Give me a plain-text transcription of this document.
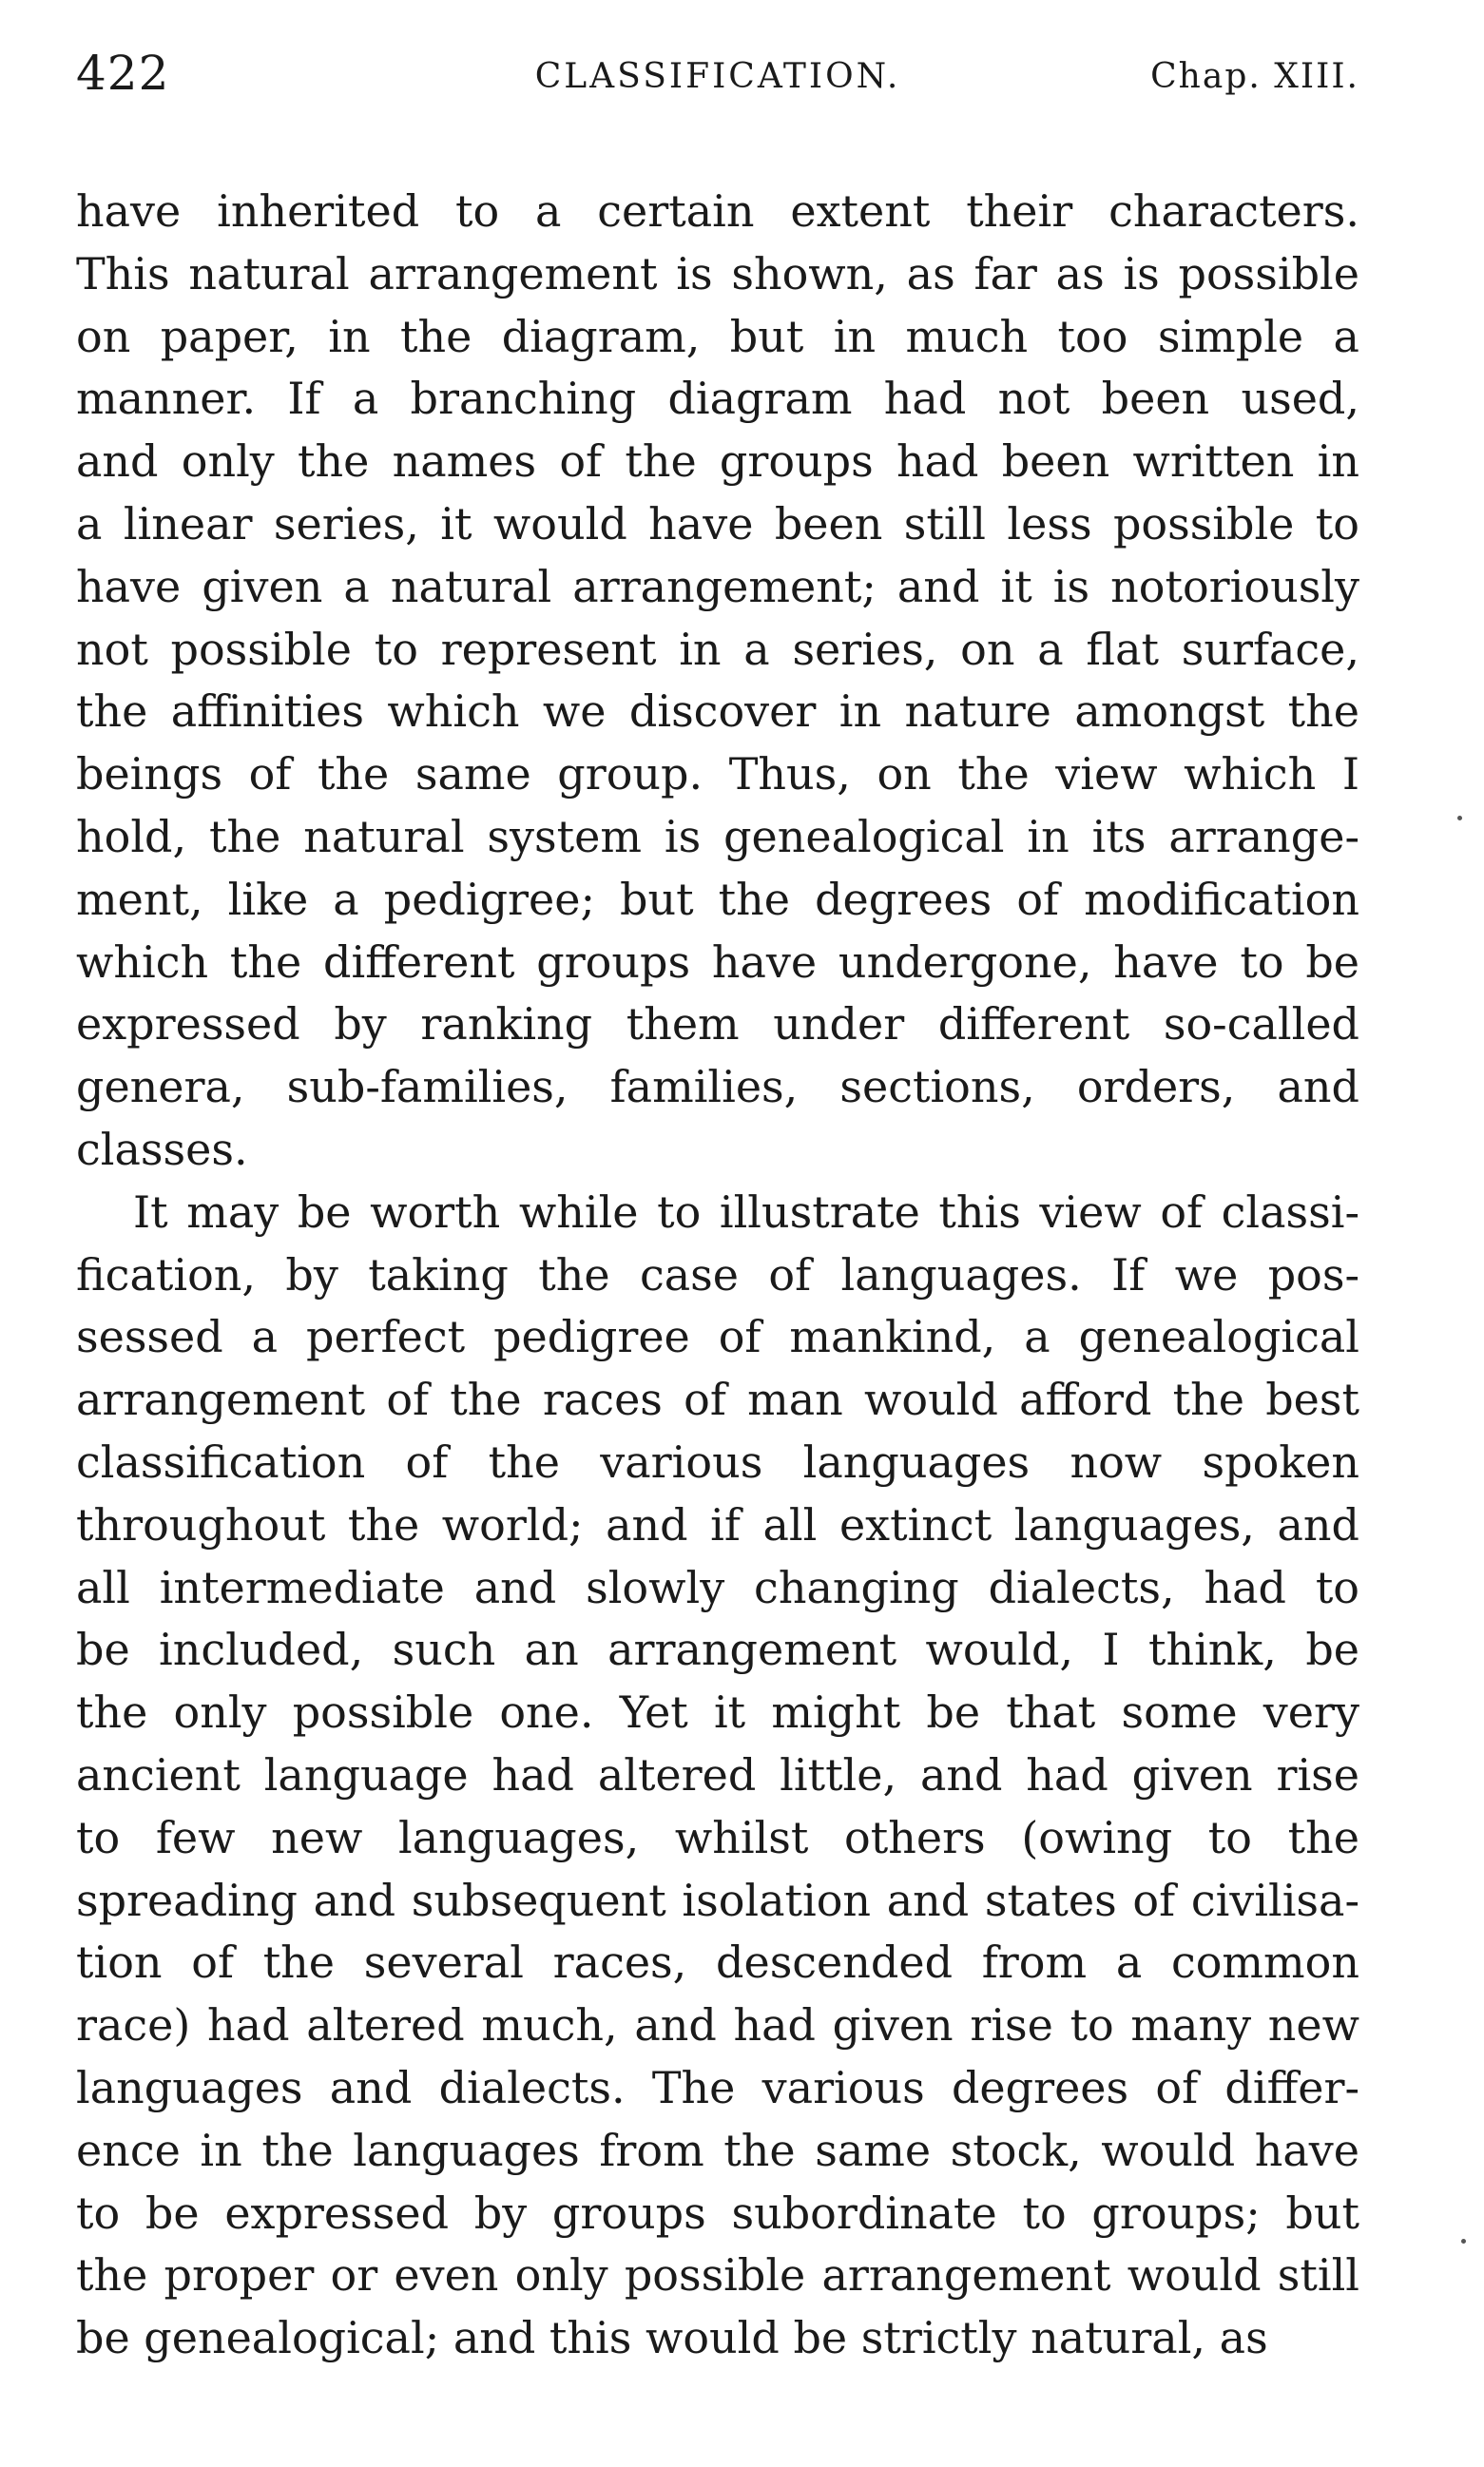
422	CLASSIFICATION.	Chap. XIII.
have inherited to a certain extent their characters.
This natural arrangement is shown, as far as is possible
on paper, in the diagram, but in much too simple a
manner. If a branching diagram had not been used,
and only the names of the groups had been written in
a linear series, it would have been still less possible to
have given a natural arrangement; and it is notoriously
not possible to represent in a series, on a flat surface,
the affinities which we discover in nature amongst the
beings of the same group. Thus, on the view which I
hold, the natural system is genealogical in its arrange-
ment, like a pedigree; but the degrees of modification
which the different groups have undergone, have to be
expressed by ranking them under different so-called
genera, sub-families, families, sections, orders, and
classes.
It may be worth while to illustrate this view of classi-
fication, by taking the case of languages. If we pos-
sessed a perfect pedigree of mankind, a genealogical
arrangement of the races of man would afford the best
classification of the various languages now spoken
throughout the world; and if all extinct languages, and
all intermediate and slowly changing dialects, had to
be included, such an arrangement would, I think, be
the only possible one. Yet it might be that some very
ancient language had altered little, and had given rise
to few new languages, whilst others (owing to the
spreading and subsequent isolation and states of civilisa-
tion of the several races, descended from a common
race) had altered much, and had given rise to many new
languages and dialects. The various degrees of differ-
ence in the languages from the same stock, would have
to be expressed by groups subordinate to groups; but
the proper or even only possible arrangement would still
be genealogical; and this would be strictly natural, as
